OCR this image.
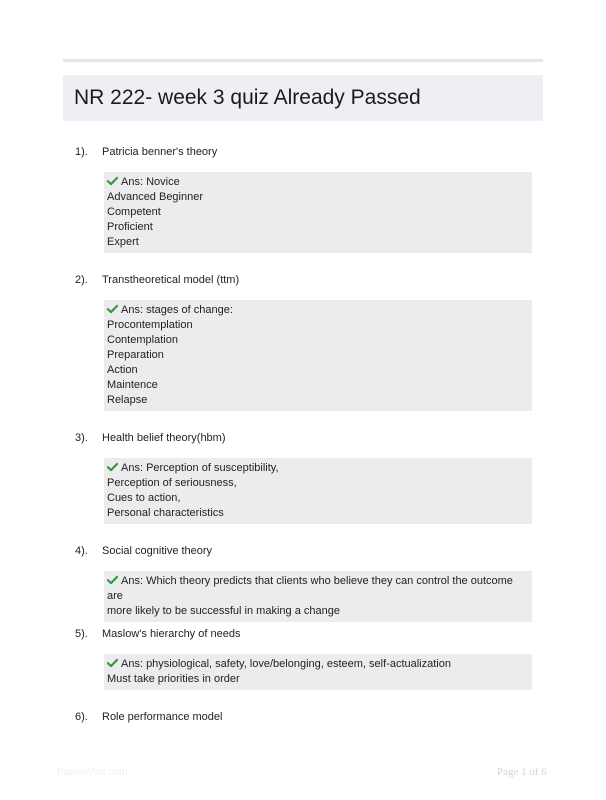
NR 222- week 3 quiz Already Passed
1). Patricia benner's theory
Ans: Novice
Advanced Beginner
Competent
Proficient
Expert
2). Transtheoretical model (ttm)
Ans: stages of change:
Procontemplation
Contemplation
Preparation
Action
Maintence
Relapse
3). Health belief theory(hbm)
Ans: Perception of susceptibility,
Perception of seriousness,
Cues to action,
Personal characteristics
4). Social cognitive theory
Ans: Which theory predicts that clients who believe they can control the outcome are
more likely to be successful in making a change
5). Maslow's hierarchy of needs
Ans: physiological, safety, love/belonging, esteem, self-actualization
Must take priorities in order
6). Role performance model
PaperWhiz.com	Page 1 of 6
